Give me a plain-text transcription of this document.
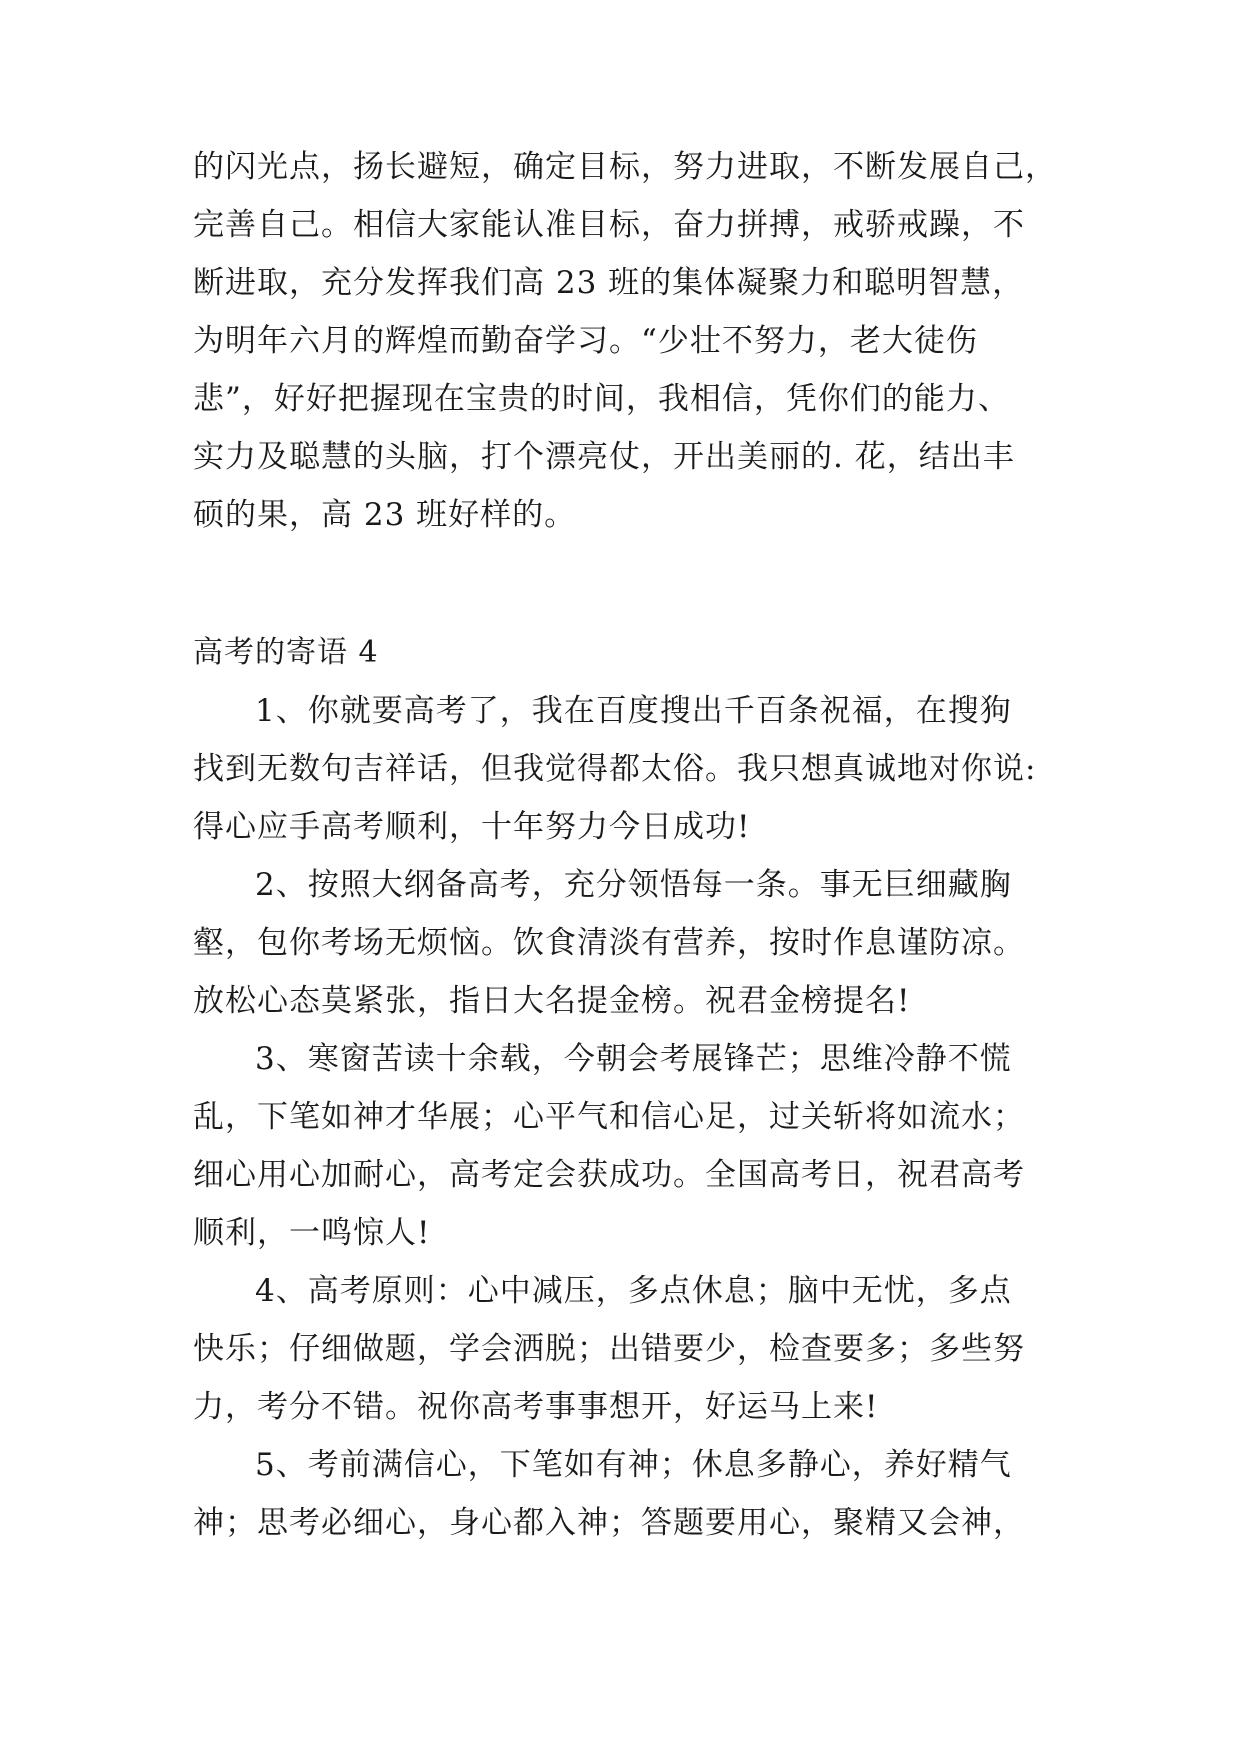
的闪光点，扬长避短，确定目标，努力进取，不断发展自己，
完善自己。相信大家能认准目标，奋力拼搏，戒骄戒躁，不
断进取，充分发挥我们高 23 班的集体凝聚力和聪明智慧，
为明年六月的辉煌而勤奋学习。“少壮不努力，老大徒伤
悲”，好好把握现在宝贵的时间，我相信，凭你们的能力、
实力及聪慧的头脑，打个漂亮仗，开出美丽的. 花，结出丰
硕的果，高 23 班好样的。
高考的寄语 4
1、你就要高考了，我在百度搜出千百条祝福，在搜狗
找到无数句吉祥话，但我觉得都太俗。我只想真诚地对你说:
得心应手高考顺利，十年努力今日成功!
2、按照大纲备高考，充分领悟每一条。事无巨细藏胸
壑，包你考场无烦恼。饮食清淡有营养，按时作息谨防凉。
放松心态莫紧张，指日大名提金榜。祝君金榜提名!
3、寒窗苦读十余载，今朝会考展锋芒；思维冷静不慌
乱，下笔如神才华展；心平气和信心足，过关斩将如流水；
细心用心加耐心，高考定会获成功。全国高考日，祝君高考
顺利，一鸣惊人!
4、高考原则：心中减压，多点休息；脑中无忧，多点
快乐；仔细做题，学会洒脱；出错要少，检查要多；多些努
力，考分不错。祝你高考事事想开，好运马上来!
5、考前满信心，下笔如有神；休息多静心，养好精气
神；思考必细心，身心都入神；答题要用心，聚精又会神，
